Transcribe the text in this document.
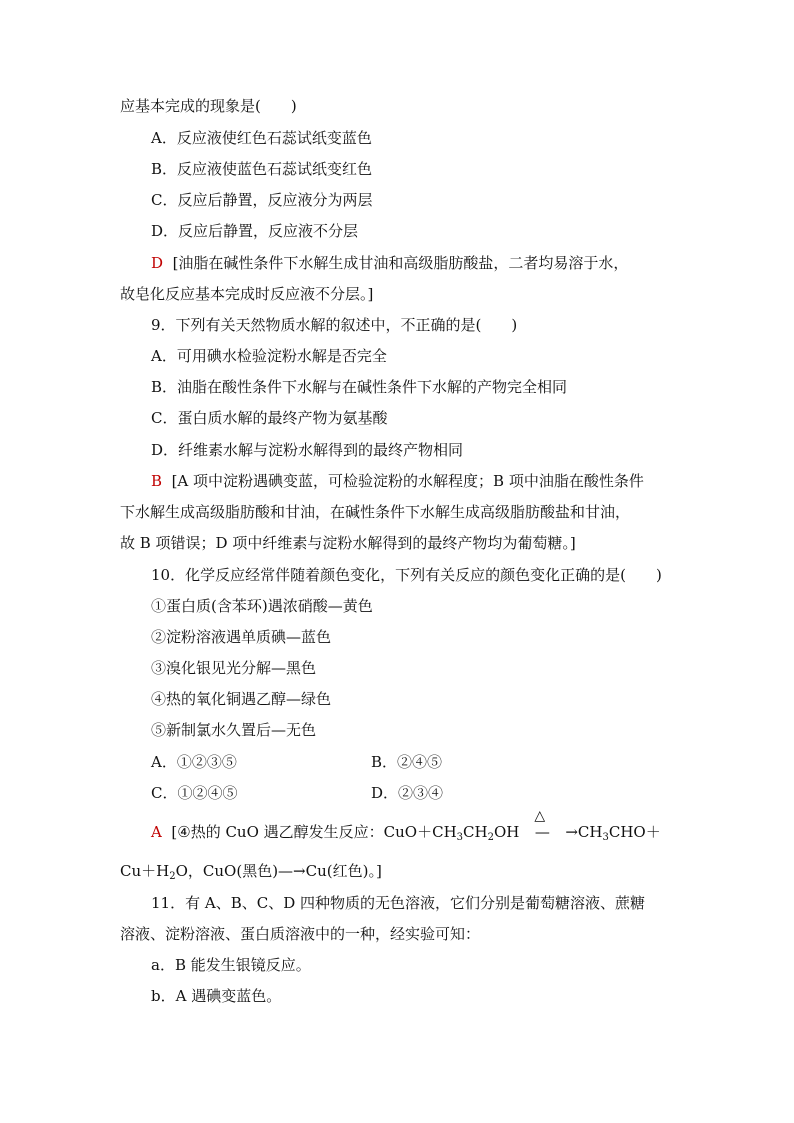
应基本完成的现象是(　　)
A．反应液使红色石蕊试纸变蓝色
B．反应液使蓝色石蕊试纸变红色
C．反应后静置，反应液分为两层
D．反应后静置，反应液不分层
D [油脂在碱性条件下水解生成甘油和高级脂肪酸盐，二者均易溶于水，
故皂化反应基本完成时反应液不分层。]
9．下列有关天然物质水解的叙述中，不正确的是(　　)
A．可用碘水检验淀粉水解是否完全
B．油脂在酸性条件下水解与在碱性条件下水解的产物完全相同
C．蛋白质水解的最终产物为氨基酸
D．纤维素水解与淀粉水解得到的最终产物相同
B [A 项中淀粉遇碘变蓝，可检验淀粉的水解程度；B 项中油脂在酸性条件
下水解生成高级脂肪酸和甘油，在碱性条件下水解生成高级脂肪酸盐和甘油，
故 B 项错误；D 项中纤维素与淀粉水解得到的最终产物均为葡萄糖。]
10．化学反应经常伴随着颜色变化，下列有关反应的颜色变化正确的是(　　)
①蛋白质(含苯环)遇浓硝酸—黄色
②淀粉溶液遇单质碘—蓝色
③溴化银见光分解—黑色
④热的氧化铜遇乙醇—绿色
⑤新制氯水久置后—无色
A．①②③⑤	B．②④⑤
C．①②④⑤	D．②③④
A [④热的 CuO 遇乙醇发生反应：$CuO+CH_3CH_2OH$
△
— $\to CH_3CHO+$
$Cu+H_2O$，CuO(黑色)—→Cu(红色)。]
11．有 A、B、C、D 四种物质的无色溶液，它们分别是葡萄糖溶液、蔗糖
溶液、淀粉溶液、蛋白质溶液中的一种，经实验可知：
a．B 能发生银镜反应。
b．A 遇碘变蓝色。
